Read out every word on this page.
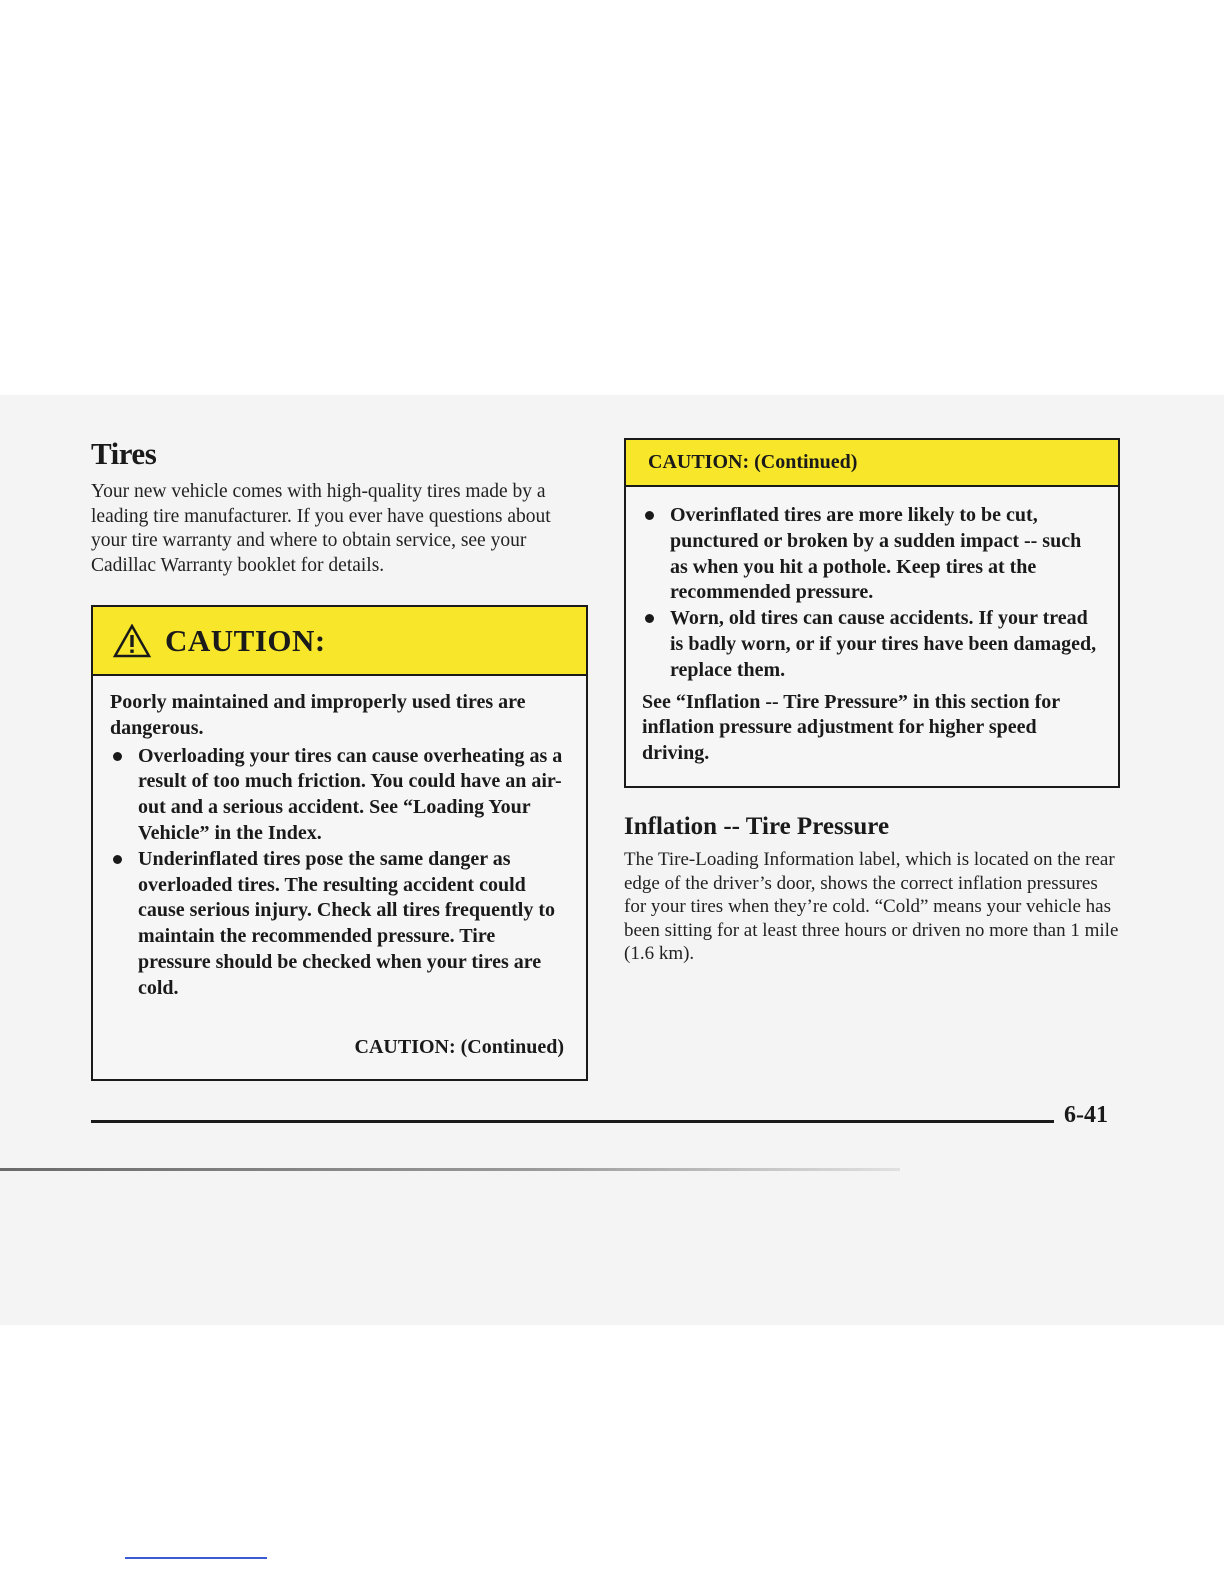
Tires

Your new vehicle comes with high-quality tires made by a leading tire manufacturer. If you ever have questions about your tire warranty and where to obtain service, see your Cadillac Warranty booklet for details.

CAUTION:

Poorly maintained and improperly used tires are dangerous.

Overloading your tires can cause overheating as a result of too much friction. You could have an air-out and a serious accident. See “Loading Your Vehicle” in the Index.
Underinflated tires pose the same danger as overloaded tires. The resulting accident could cause serious injury. Check all tires frequently to maintain the recommended pressure. Tire pressure should be checked when your tires are cold.
CAUTION: (Continued)
CAUTION: (Continued)
Overinflated tires are more likely to be cut, punctured or broken by a sudden impact -- such as when you hit a pothole. Keep tires at the recommended pressure.
Worn, old tires can cause accidents. If your tread is badly worn, or if your tires have been damaged, replace them.

See “Inflation -- Tire Pressure” in this section for inflation pressure adjustment for higher speed driving.

Inflation -- Tire Pressure

The Tire-Loading Information label, which is located on the rear edge of the driver’s door, shows the correct inflation pressures for your tires when they’re cold. “Cold” means your vehicle has been sitting for at least three hours or driven no more than 1 mile (1.6 km).

6-41
